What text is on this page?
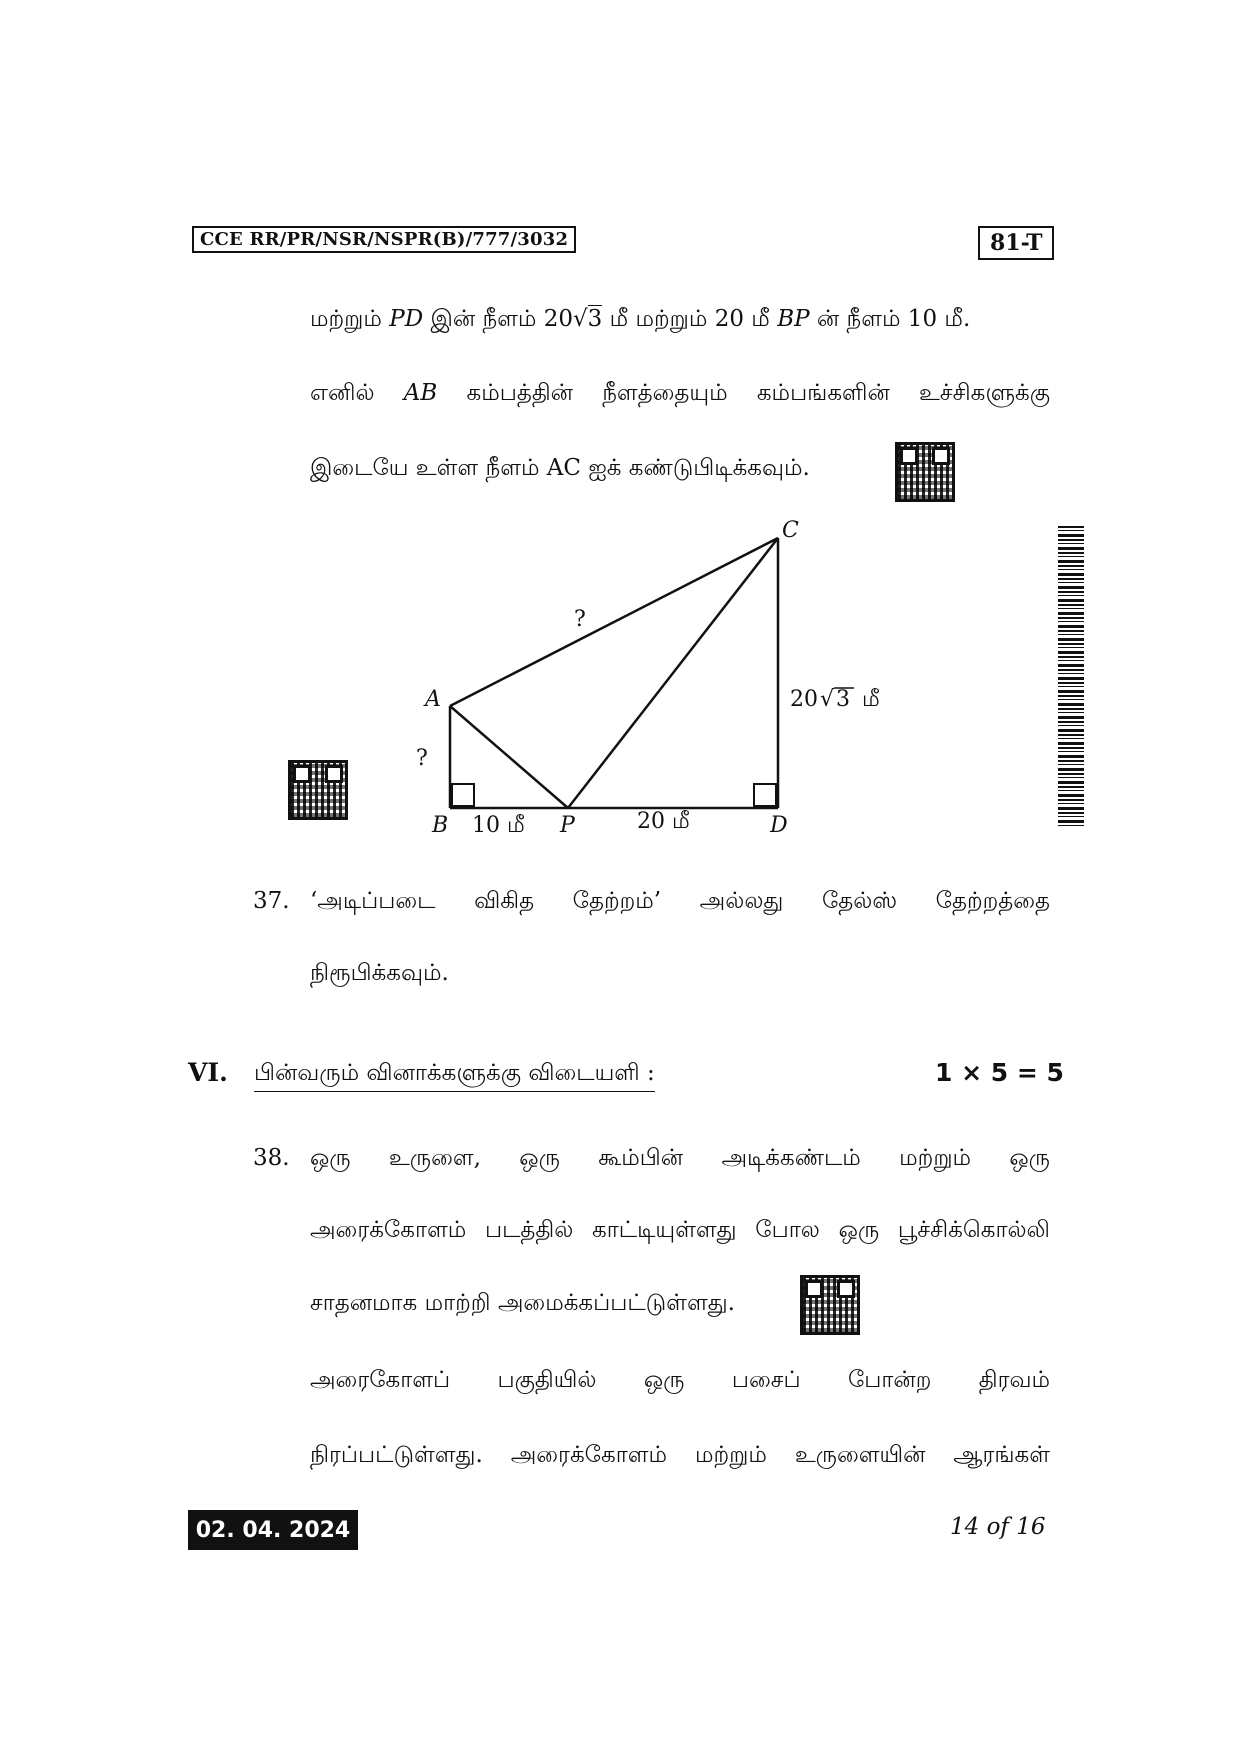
CCE RR/PR/NSR/NSPR(B)/777/3032	81-T
மற்றும் PD இன் நீளம் 20√3 மீ மற்றும் 20 மீ BP ன் நீளம் 10 மீ.
எனில் AB கம்பத்தின் நீளத்தையும் கம்பங்களின் உச்சிகளுக்கு
இடையே உள்ள நீளம் AC ஐக் கண்டுபிடிக்கவும்.
C
A
B	P	D
?
?
10 மீ	20 மீ
20 √ 3 மீ
37. ‘அடிப்படை விகித தேற்றம்’ அல்லது தேல்ஸ் தேற்றத்தை
நிரூபிக்கவும்.
VI. பின்வரும் வினாக்களுக்கு விடையளி :	1 × 5 = 5
38. ஒரு உருளை, ஒரு கூம்பின் அடிக்கண்டம் மற்றும் ஒரு
அரைக்கோளம் படத்தில் காட்டியுள்ளது போல ஒரு பூச்சிக்கொல்லி
சாதனமாக மாற்றி அமைக்கப்பட்டுள்ளது.
அரைகோளப் பகுதியில் ஒரு பசைப் போன்ற திரவம்
நிரப்பட்டுள்ளது. அரைக்கோளம் மற்றும் உருளையின் ஆரங்கள்
02. 04. 2024	14 of 16
